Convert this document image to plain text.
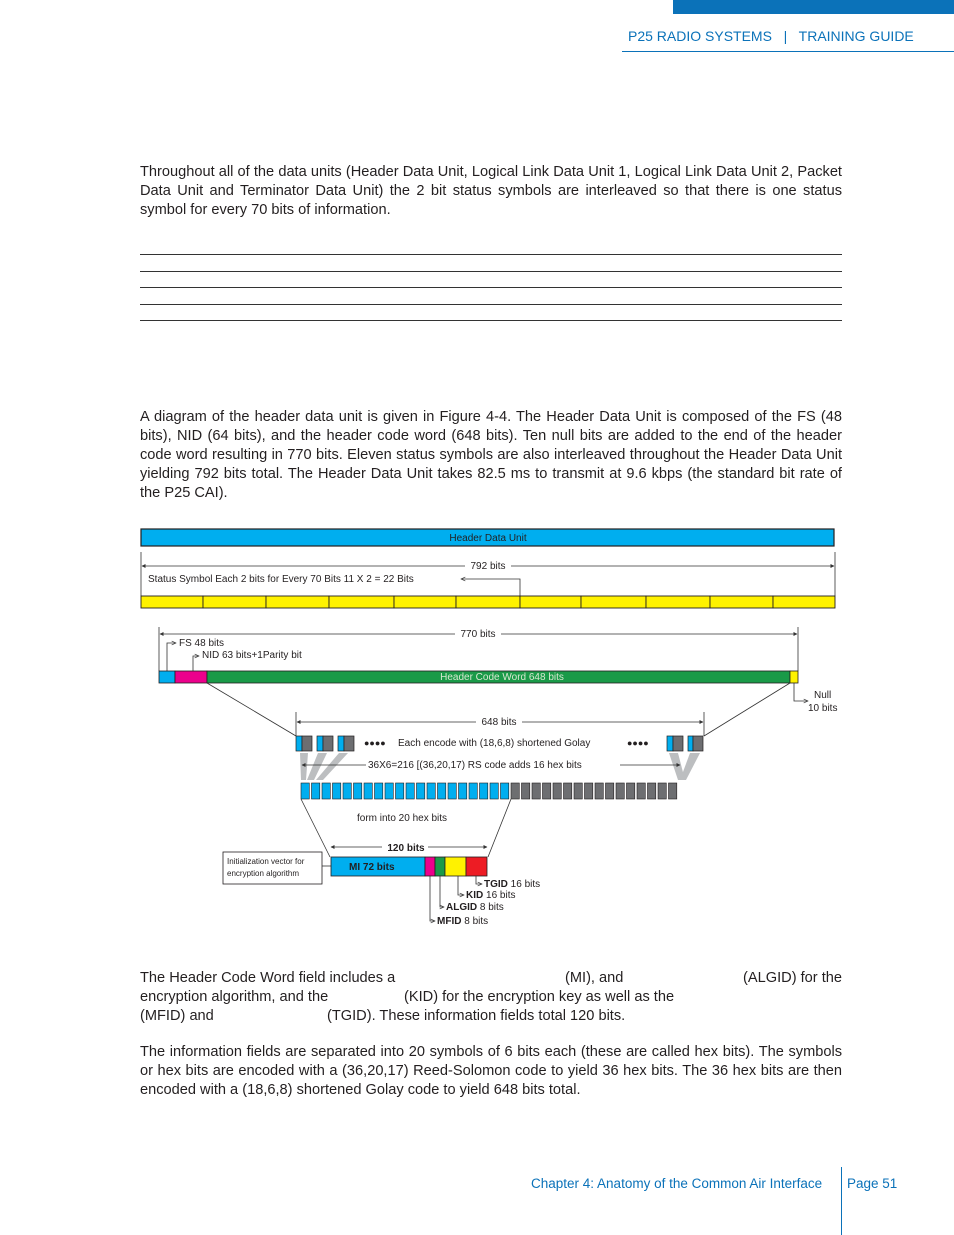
P25 RADIO SYSTEMS   |   TRAINING GUIDE

Throughout all of the data units (Header Data Unit, Logical Link Data Unit 1, Logical Link Data Unit 2, Packet Data Unit and Terminator Data Unit) the 2 bit status symbols are interleaved so that there is one status symbol for every 70 bits of information.

A diagram of the header data unit is given in Figure 4-4. The Header Data Unit is composed of the FS (48 bits), NID (64 bits), and the header code word (648 bits). Ten null bits are added to the end of the header code word resulting in 770 bits. Eleven status symbols are also interleaved throughout the Header Data Unit yielding 792 bits total. The Header Data Unit takes 82.5 ms to transmit at 9.6 kbps (the standard bit rate of the P25 CAI).

Header Data Unit
792 bits
Status Symbol Each 2 bits for Every 70 Bits 11 X 2 = 22 Bits
770 bits
FS 48 bits
NID 63 bits+1Parity bit
Header Code Word 648 bits
Null
10 bits
648 bits
●●●● Each encode with (18,6,8) shortened Golay	●●●●
36X6=216 [(36,20,17) RS code adds 16 hex bits
form into 20 hex bits
120 bits
Initialization vector for
encryption algorithm
MI 72 bits
TGID 16 bits
KID 16 bits
ALGID 8 bits
MFID 8 bits
The Header Code Word field includes a	(MI), and	(ALGID) for the
encryption algorithm, and the	(KID) for the encryption key as well as the
(MFID) and	(TGID). These information fields total 120 bits.

The information fields are separated into 20 symbols of 6 bits each (these are called hex bits). The symbols or hex bits are encoded with a (36,20,17) Reed-Solomon code to yield 36 hex bits. The 36 hex bits are then encoded with a (18,6,8) shortened Golay code to yield 648 bits total.

Chapter 4: Anatomy of the Common Air Interface Page 51
